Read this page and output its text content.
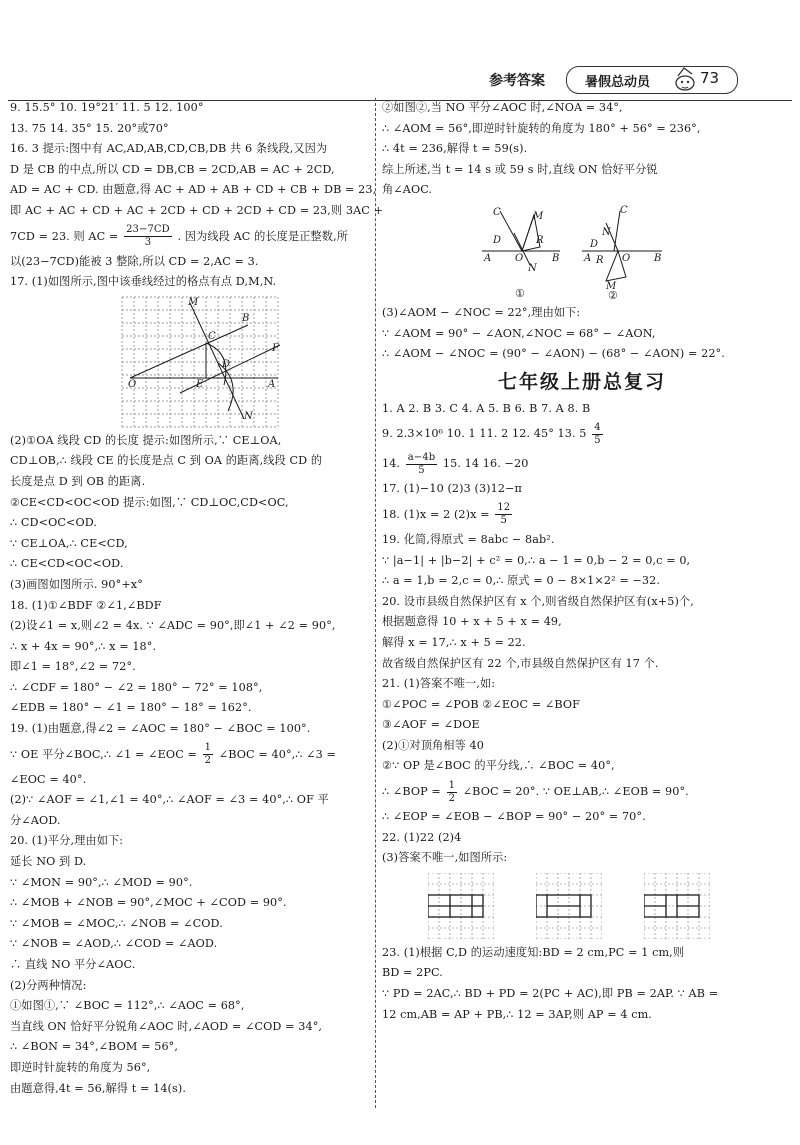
参考答案	暑假总动员	73
9. 15.5° 10. 19°21′ 11. 5 12. 100°
13. 75 14. 35° 15. 20°或70°
16. 3 提示:图中有 AC,AD,AB,CD,CB,DB 共 6 条线段,又因为
D 是 CB 的中点,所以 CD = DB,CB = 2CD,AB = AC + 2CD,
AD = AC + CD. 由题意,得 AC + AD + AB + CD + CB + DB = 23,
即 AC + AC + CD + AC + 2CD + CD + 2CD + CD = 23,则 3AC +
7CD = 23. 则 AC = $\frac{23-7CD}{3}$ . 因为线段 AC 的长度是正整数,所
以(23−7CD)能被 3 整除,所以 CD = 2,AC = 3.
17. (1)如图所示,图中该垂线经过的格点有点 D,M,N.
M
B
C
F
D
O	E	A
N
(2)①OA 线段 CD 的长度 提示:如图所示,∵ CE⊥OA,
CD⊥OB,∴ 线段 CE 的长度是点 C 到 OA 的距离,线段 CD 的
长度是点 D 到 OB 的距离.
②CE<CD<OC<OD 提示:如图,∵ CD⊥OC,CD<OC,
∴ CD<OC<OD.
∵ CE⊥OA,∴ CE<CD,
∴ CE<CD<OC<OD.
(3)画图如图所示. 90°+x°
18. (1)①∠BDF ②∠1,∠BDF
(2)设∠1 = x,则∠2 = 4x. ∵ ∠ADC = 90°,即∠1 + ∠2 = 90°,
∴ x + 4x = 90°,∴ x = 18°.
即∠1 = 18°,∠2 = 72°.
∴ ∠CDF = 180° − ∠2 = 180° − 72° = 108°,
∠EDB = 180° − ∠1 = 180° − 18° = 162°.
19. (1)由题意,得∠2 = ∠AOC = 180° − ∠BOC = 100°.
∵ OE 平分∠BOC,∴ ∠1 = ∠EOC = $\frac{1}{2}$ ∠BOC = 40°,∴ ∠3 =
∠EOC = 40°.
(2)∵ ∠AOF = ∠1,∠1 = 40°,∴ ∠AOF = ∠3 = 40°,∴ OF 平
分∠AOD.
20. (1)平分,理由如下:
延长 NO 到 D.
∵ ∠MON = 90°,∴ ∠MOD = 90°.
∴ ∠MOB + ∠NOB = 90°,∠MOC + ∠COD = 90°.
∵ ∠MOB = ∠MOC,∴ ∠NOB = ∠COD.
∵ ∠NOB = ∠AOD,∴ ∠COD = ∠AOD.
∴ 直线 NO 平分∠AOC.
(2)分两种情况:
①如图①,∵ ∠BOC = 112°,∴ ∠AOC = 68°,
当直线 ON 恰好平分锐角∠AOC 时,∠AOD = ∠COD = 34°,
∴ ∠BON = 34°,∠BOM = 56°,
即逆时针旋转的角度为 56°,
由题意得,4t = 56,解得 t = 14(s).
②如图②,当 NO 平分∠AOC 时,∠NOA = 34°,
∴ ∠AOM = 56°,即逆时针旋转的角度为 180° + 56° = 236°,
∴ 4t = 236,解得 t = 59(s).
综上所述,当 t = 14 s 或 59 s 时,直线 ON 恰好平分锐
角∠AOC.
C	M
D	R
A O	B
N
①
C
N
D
A R O B
M
②
(3)∠AOM − ∠NOC = 22°,理由如下:
∵ ∠AOM = 90° − ∠AON,∠NOC = 68° − ∠AON,
∴ ∠AOM − ∠NOC = (90° − ∠AON) − (68° − ∠AON) = 22°.
七年级上册总复习
1. A 2. B 3. C 4. A 5. B 6. B 7. A 8. B
9. 2.3×10⁶ 10. 1 11. 2 12. 45° 13. $5 \frac{4}{5}$
14. $\frac{a-4b}{5} 15$. 14 16. −20
17. (1)−10 (2)3 (3)12−π
18. (1)x = 2 $(2)x = \frac{12}{5}$
19. 化简,得原式 = 8abc − 8ab².
∵ |a−1| + |b−2| + c² = 0,∴ a − 1 = 0,b − 2 = 0,c = 0,
∴ a = 1,b = 2,c = 0,∴ 原式 = 0 − 8×1×2² = −32.
20. 设市县级自然保护区有 x 个,则省级自然保护区有(x+5)个,
根据题意得 10 + x + 5 + x = 49,
解得 x = 17,∴ x + 5 = 22.
故省级自然保护区有 22 个,市县级自然保护区有 17 个.
21. (1)答案不唯一,如:
①∠POC = ∠POB ②∠EOC = ∠BOF
③∠AOF = ∠DOE
(2)①对顶角相等 40
②∵ OP 是∠BOC 的平分线,∴ ∠BOC = 40°,
∴ ∠BOP = $\frac{1}{2}$ ∠BOC = 20°. ∵ OE⊥AB,∴ ∠EOB = 90°.
∴ ∠EOP = ∠EOB − ∠BOP = 90° − 20° = 70°.
22. (1)22 (2)4
(3)答案不唯一,如图所示:
23. (1)根据 C,D 的运动速度知:BD = 2 cm,PC = 1 cm,则
BD = 2PC.
∵ PD = 2AC,∴ BD + PD = 2(PC + AC),即 PB = 2AP. ∵ AB =
12 cm,AB = AP + PB,∴ 12 = 3AP,则 AP = 4 cm.
